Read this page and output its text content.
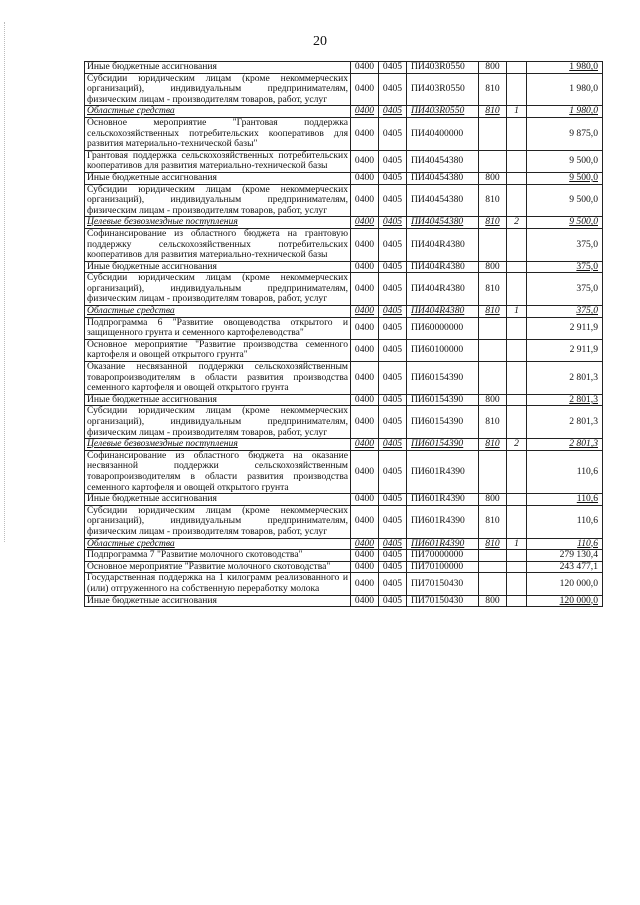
20
Иные бюджетные ассигнования	0400	0405	ПИ403R0550	800		1 980,0
Субсидии юридическим лицам (кроме некоммерческих организаций), индивидуальным предпринимателям, физическим лицам - производителям товаров, работ, услуг	0400	0405	ПИ403R0550	810		1 980,0
Областные средства	0400	0405	ПИ403R0550	810	1	1 980,0
Основное мероприятие "Грантовая поддержка сельскохозяйственных потребительских кооперативов для развития материально-технической базы"	0400	0405	ПИ40400000			9 875,0
Грантовая поддержка сельскохозяйственных потребительских кооперативов для развития материально-технической базы	0400	0405	ПИ40454380			9 500,0
Иные бюджетные ассигнования	0400	0405	ПИ40454380	800		9 500,0
Субсидии юридическим лицам (кроме некоммерческих организаций), индивидуальным предпринимателям, физическим лицам - производителям товаров, работ, услуг	0400	0405	ПИ40454380	810		9 500,0
Целевые безвозмездные поступления	0400	0405	ПИ40454380	810	2	9 500,0
Софинансирование из областного бюджета на грантовую поддержку сельскохозяйственных потребительских кооперативов для развития материально-технической базы	0400	0405	ПИ404R4380			375,0
Иные бюджетные ассигнования	0400	0405	ПИ404R4380	800		375,0
Субсидии юридическим лицам (кроме некоммерческих организаций), индивидуальным предпринимателям, физическим лицам - производителям товаров, работ, услуг	0400	0405	ПИ404R4380	810		375,0
Областные средства	0400	0405	ПИ404R4380	810	1	375,0
Подпрограмма 6 "Развитие овощеводства открытого и защищенного грунта и семенного картофелеводства"	0400	0405	ПИ60000000			2 911,9
Основное мероприятие "Развитие производства семенного картофеля и овощей открытого грунта"	0400	0405	ПИ60100000			2 911,9
Оказание несвязанной поддержки сельскохозяйственным товаропроизводителям в области развития производства семенного картофеля и овощей открытого грунта	0400	0405	ПИ60154390			2 801,3
Иные бюджетные ассигнования	0400	0405	ПИ60154390	800		2 801,3
Субсидии юридическим лицам (кроме некоммерческих организаций), индивидуальным предпринимателям, физическим лицам - производителям товаров, работ, услуг	0400	0405	ПИ60154390	810		2 801,3
Целевые безвозмездные поступления	0400	0405	ПИ60154390	810	2	2 801,3
Софинансирование из областного бюджета на оказание несвязанной поддержки сельскохозяйственным товаропроизводителям в области развития производства семенного картофеля и овощей открытого грунта	0400	0405	ПИ601R4390			110,6
Иные бюджетные ассигнования	0400	0405	ПИ601R4390	800		110,6
Субсидии юридическим лицам (кроме некоммерческих организаций), индивидуальным предпринимателям, физическим лицам - производителям товаров, работ, услуг	0400	0405	ПИ601R4390	810		110,6
Областные средства	0400	0405	ПИ601R4390	810	1	110,6
Подпрограмма 7 "Развитие молочного скотоводства"	0400	0405	ПИ70000000			279 130,4
Основное мероприятие "Развитие молочного скотоводства"	0400	0405	ПИ70100000			243 477,1
Государственная поддержка на 1 килограмм реализованного и (или) отгруженного на собственную переработку молока	0400	0405	ПИ70150430			120 000,0
Иные бюджетные ассигнования	0400	0405	ПИ70150430	800		120 000,0
